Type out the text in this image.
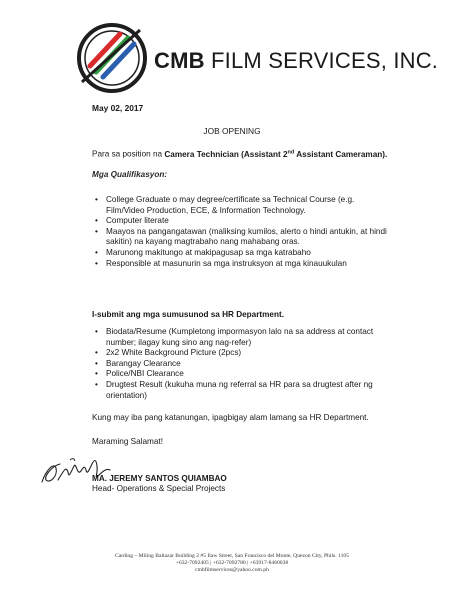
CMB FILM SERVICES, INC.
May 02, 2017
JOB OPENING
Para sa position na Camera Technician (Assistant 2nd Assistant Cameraman).
Mga Qualifikasyon:
• College Graduate o may degree/certificate sa Technical Course (e.g. Film/Video Production, ECE, & Information Technology.
• Computer literate
• Maayos na pangangatawan (maliksing kumilos, alerto o hindi antukin, at hindi sakitin) na kayang magtrabaho nang mahabang oras.
• Marunong makitungo at makipagusap sa mga katrabaho
• Responsible at masunurin sa mga instruksyon at mga kinauukulan
I-submit ang mga sumusunod sa HR Department.
• Biodata/Resume (Kumpletong impormasyon lalo na sa address at contact number; ilagay kung sino ang nag-refer)
• 2x2 White Background Picture (2pcs)
• Barangay Clearance
• Police/NBI Clearance
• Drugtest Result (kukuha muna ng referral sa HR para sa drugtest after ng orientation)
Kung may iba pang katanungan, ipagbigay alam lamang sa HR Department.
Maraming Salamat!
MA. JEREMY SANTOS QUIAMBAO
Head- Operations & Special Projects
Carding – Miling Baltazar Building 2 #5 Ilaw Street, San Francisco del Monte, Quezon City, Phils. 1105
+632-7092405 | +632-7092780 | +63917-8460038
cmbfilmservices@yahoo.com.ph
